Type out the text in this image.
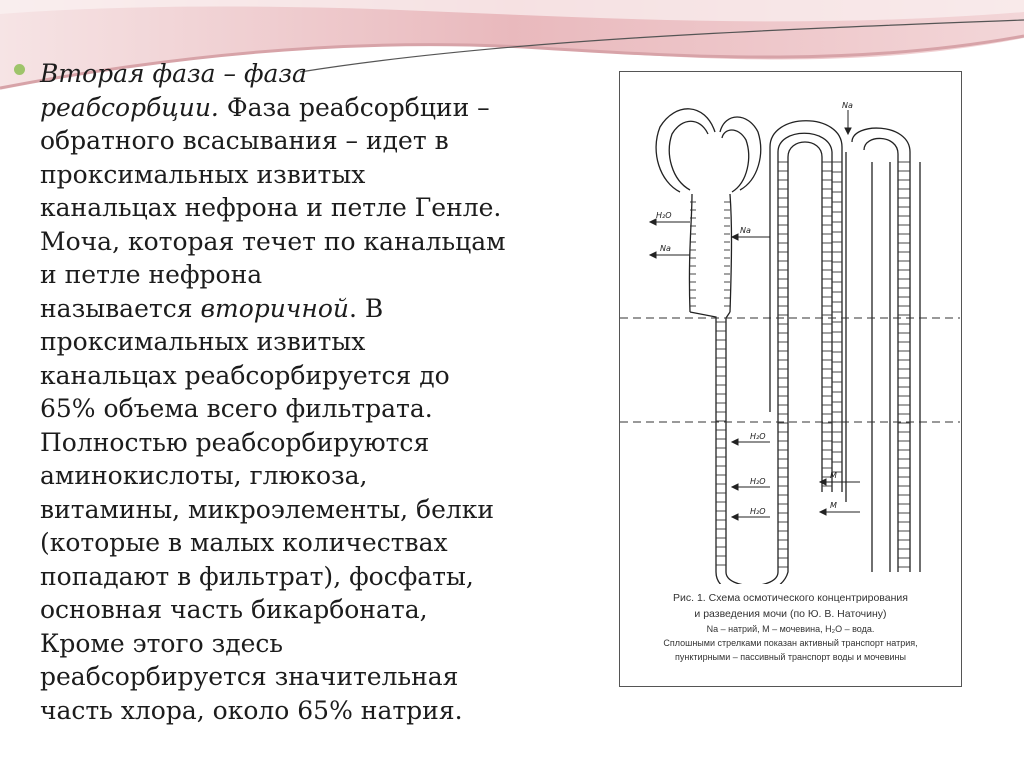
Вторая фаза – фаза
реабсорбции. Фаза реабсорбции –
обратного всасывания – идет в
проксимальных извитых
канальцах нефрона и петле Генле.
Моча, которая течет по канальцам
и петле нефрона
называется вторичной. В
проксимальных извитых
канальцах реабсорбируется до
65% объема всего фильтрата.
Полностью реабсорбируются
аминокислоты, глюкоза,
витамины, микроэлементы, белки
(которые в малых количествах
попадают в фильтрат), фосфаты,
основная часть бикарбоната,
Кроме этого здесь
реабсорбируется значительная
часть хлора, около 65% натрия.
H₂O
Na
Na
Na
H₂O
H₂O
H₂O
M
M
Рис. 1. Схема осмотического концентрирования
и разведения мочи (по Ю. В. Наточину)
Na – натрий, M – мочевина, H₂O – вода.
Сплошными стрелками показан активный транспорт натрия,
пунктирными – пассивный транспорт воды и мочевины
